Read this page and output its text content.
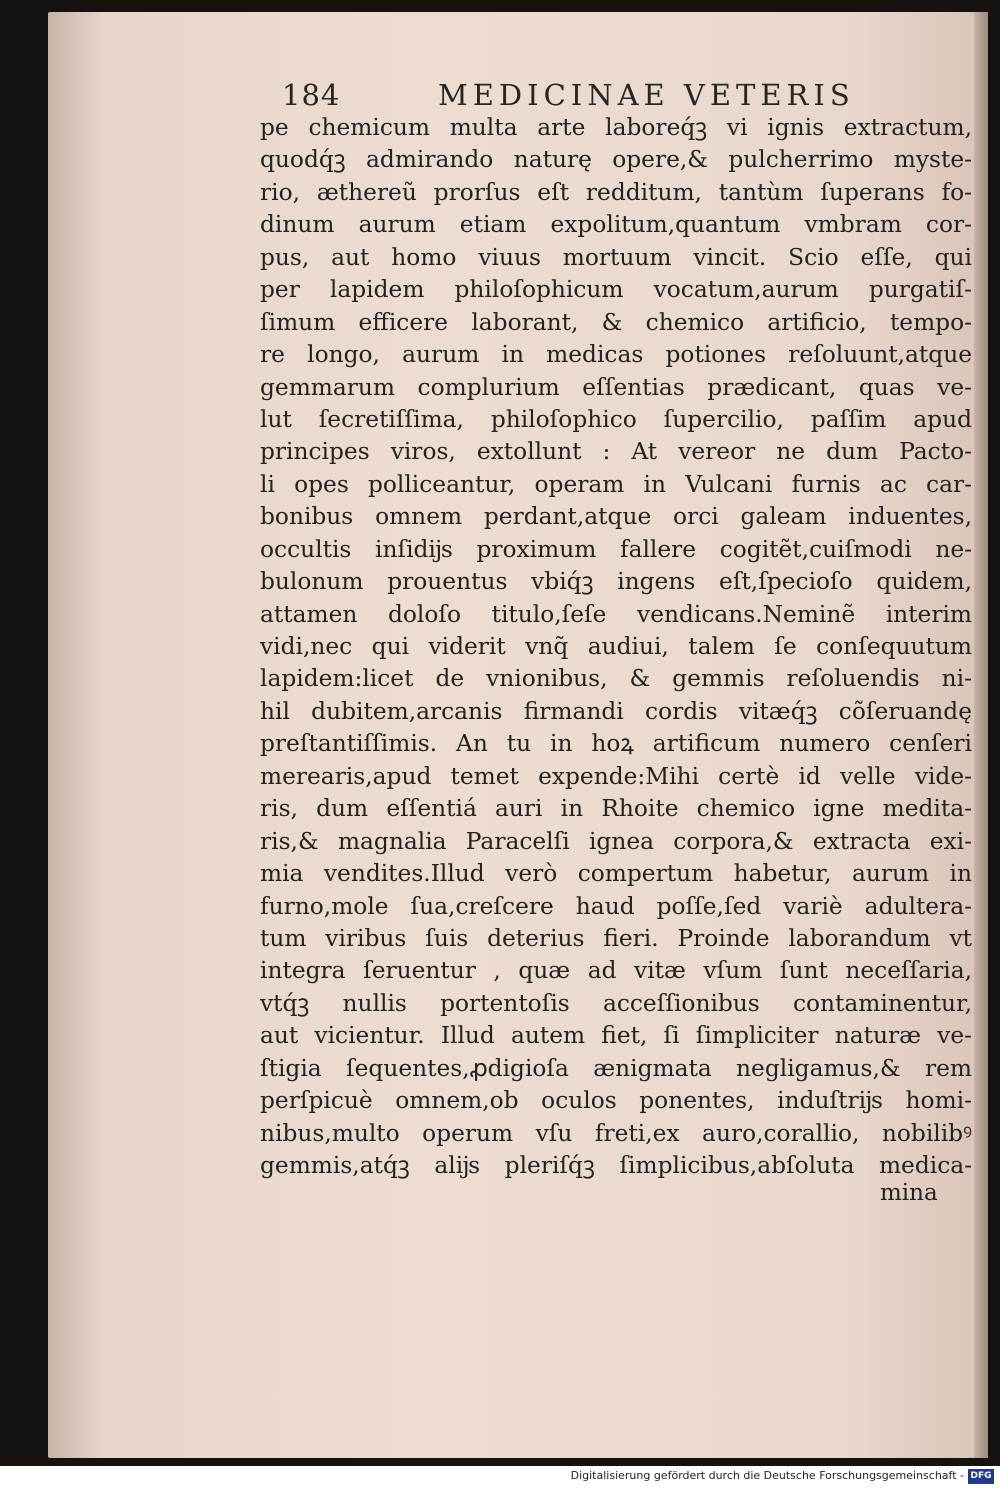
184	MEDICINAE VETERIS
pe chemicum multa arte laboreq́ꝫ vi ignis extractum,
quodq́ꝫ admirando naturę opere,& pulcherrimo myste-
rio, æthereũ prorſus eſt redditum, tantùm ſuperans fo-
dinum aurum etiam expolitum,quantum vmbram cor-
pus, aut homo viuus mortuum vincit. Scio eſſe, qui
per lapidem philoſophicum vocatum,aurum purgatiſ-
ſimum efficere laborant, & chemico artificio, tempo-
re longo, aurum in medicas potiones reſoluunt,atque
gemmarum complurium eſſentias prædicant, quas ve-
lut ſecretiſſima, philoſophico ſupercilio, paſſim apud
principes viros, extollunt : At vereor ne dum Pacto-
li opes polliceantur, operam in Vulcani furnis ac car-
bonibus omnem perdant,atque orci galeam induentes,
occultis inſidĳs proximum fallere cogitẽt,cuiſmodi ne-
bulonum prouentus vbiq́ꝫ ingens eſt,ſpecioſo quidem,
attamen doloſo titulo,ſeſe vendicans.Neminẽ interim
vidi,nec qui viderit vnq̃ audiui, talem ſe conſequutum
lapidem:licet de vnionibus, & gemmis reſoluendis ni-
hil dubitem,arcanis firmandi cordis vitæq́ꝫ cõſeruandę
preſtantiſſimis. An tu in hoꝝ artificum numero cenſeri
merearis,apud temet expende:Mihi certè id velle vide-
ris, dum eſſentiá auri in Rhoite chemico igne medita-
ris,& magnalia Paracelſi ignea corpora,& extracta exi-
mia vendites.Illud verò compertum habetur, aurum in
furno,mole ſua,creſcere haud poſſe,ſed variè adultera-
tum viribus ſuis deterius fieri. Proinde laborandum vt
integra ſeruentur , quæ ad vitæ vſum ſunt neceſſaria,
vtq́ꝫ nullis portentoſis acceſſionibus contaminentur,
aut vicientur. Illud autem fiet, ſi ſimpliciter naturæ ve-
ſtigia ſequentes,ꝓdigioſa ænigmata negligamus,& rem
perſpicuè omnem,ob oculos ponentes, induſtrĳs homi-
nibus,multo operum vſu freti,ex auro,corallio, nobilibꝰ
gemmis,atq́ꝫ alĳs pleriſq́ꝫ ſimplicibus,abſoluta medica-
mina
Digitalisierung gefördert durch die Deutsche Forschungsgemeinschaft - DFG
